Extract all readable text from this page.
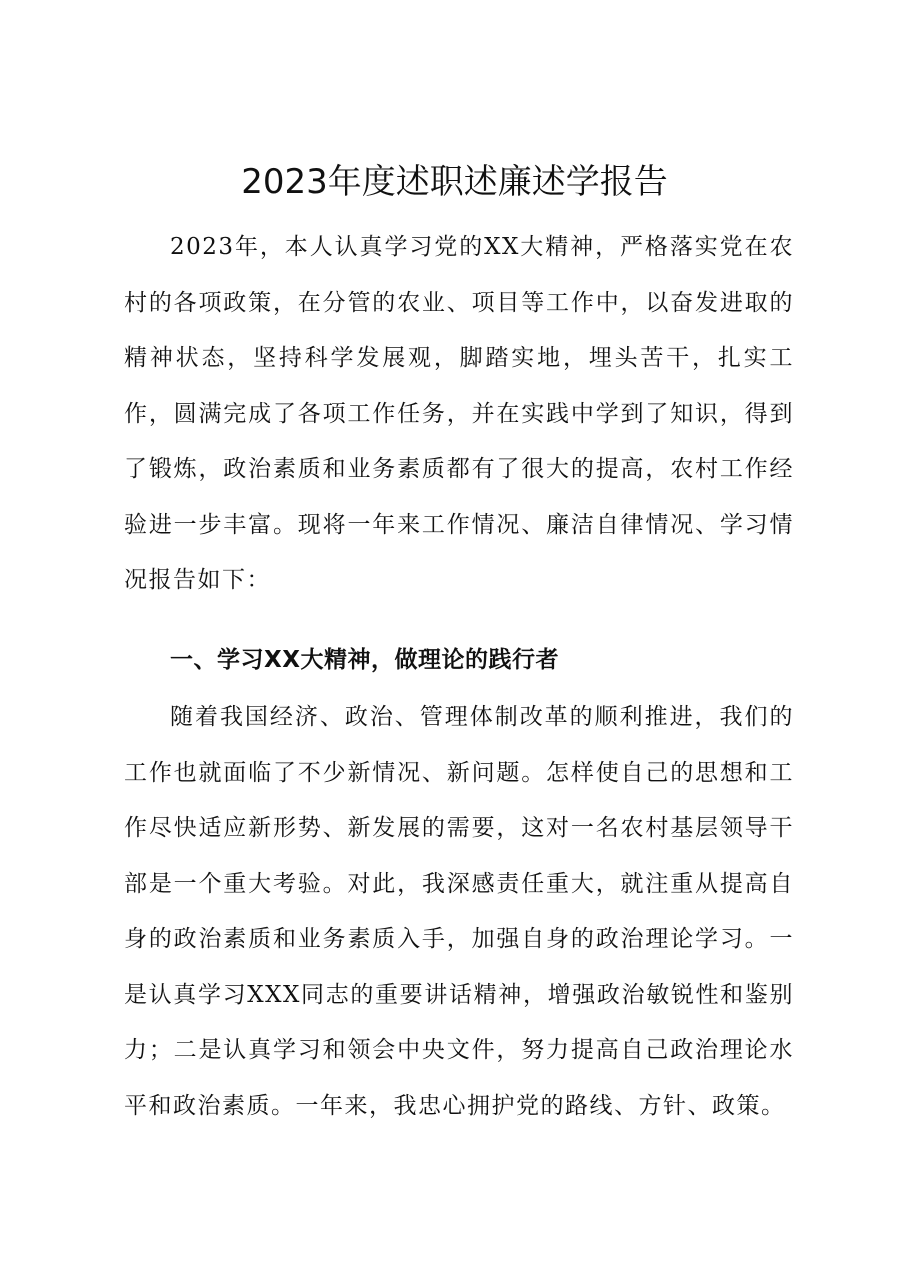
2023年度述职述廉述学报告

2023年，本人认真学习党的XX大精神，严格落实党在农村的各项政策，在分管的农业、项目等工作中，以奋发进取的精神状态，坚持科学发展观，脚踏实地，埋头苦干，扎实工作，圆满完成了各项工作任务，并在实践中学到了知识，得到了锻炼，政治素质和业务素质都有了很大的提高，农村工作经验进一步丰富。现将一年来工作情况、廉洁自律情况、学习情况报告如下：

一、学习XX大精神，做理论的践行者

随着我国经济、政治、管理体制改革的顺利推进，我们的工作也就面临了不少新情况、新问题。怎样使自己的思想和工作尽快适应新形势、新发展的需要，这对一名农村基层领导干部是一个重大考验。对此，我深感责任重大，就注重从提高自身的政治素质和业务素质入手，加强自身的政治理论学习。一是认真学习XXX同志的重要讲话精神，增强政治敏锐性和鉴别力；二是认真学习和领会中央文件，努力提高自己政治理论水平和政治素质。一年来，我忠心拥护党的路线、方针、政策。
